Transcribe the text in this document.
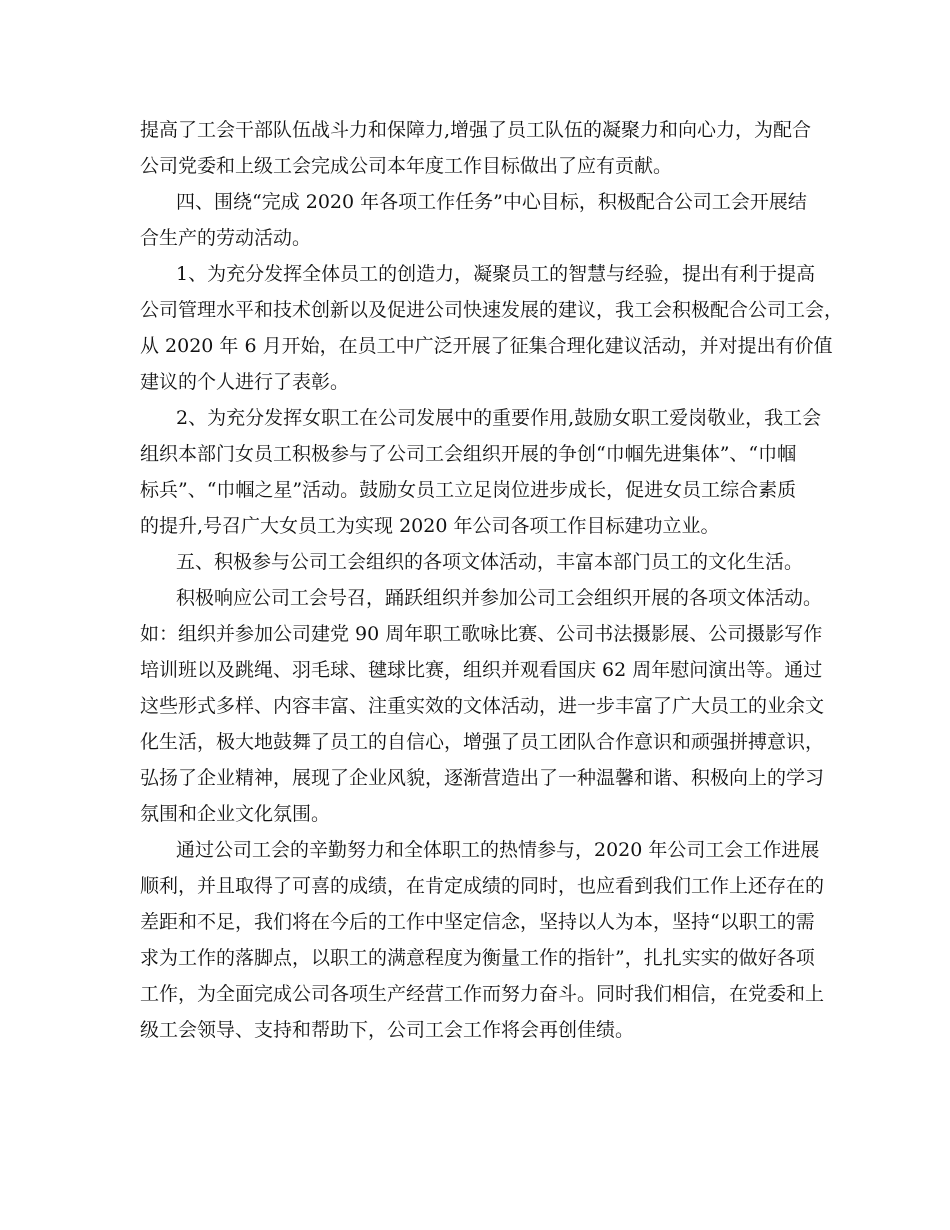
提高了工会干部队伍战斗力和保障力,增强了员工队伍的凝聚力和向心力，为配合
公司党委和上级工会完成公司本年度工作目标做出了应有贡献。
四、围绕“完成 2020 年各项工作任务”中心目标，积极配合公司工会开展结
合生产的劳动活动。
1、为充分发挥全体员工的创造力，凝聚员工的智慧与经验，提出有利于提高
公司管理水平和技术创新以及促进公司快速发展的建议，我工会积极配合公司工会，
从 2020 年 6 月开始，在员工中广泛开展了征集合理化建议活动，并对提出有价值
建议的个人进行了表彰。
2、为充分发挥女职工在公司发展中的重要作用,鼓励女职工爱岗敬业，我工会
组织本部门女员工积极参与了公司工会组织开展的争创“巾帼先进集体”、“巾帼
标兵”、“巾帼之星”活动。鼓励女员工立足岗位进步成长，促进女员工综合素质
的提升,号召广大女员工为实现 2020 年公司各项工作目标建功立业。
五、积极参与公司工会组织的各项文体活动，丰富本部门员工的文化生活。
积极响应公司工会号召，踊跃组织并参加公司工会组织开展的各项文体活动。
如：组织并参加公司建党 90 周年职工歌咏比赛、公司书法摄影展、公司摄影写作
培训班以及跳绳、羽毛球、毽球比赛，组织并观看国庆 62 周年慰问演出等。通过
这些形式多样、内容丰富、注重实效的文体活动，进一步丰富了广大员工的业余文
化生活，极大地鼓舞了员工的自信心，增强了员工团队合作意识和顽强拼搏意识，
弘扬了企业精神，展现了企业风貌，逐渐营造出了一种温馨和谐、积极向上的学习
氛围和企业文化氛围。
通过公司工会的辛勤努力和全体职工的热情参与，2020 年公司工会工作进展
顺利，并且取得了可喜的成绩，在肯定成绩的同时，也应看到我们工作上还存在的
差距和不足，我们将在今后的工作中坚定信念，坚持以人为本，坚持“以职工的需
求为工作的落脚点，以职工的满意程度为衡量工作的指针”，扎扎实实的做好各项
工作，为全面完成公司各项生产经营工作而努力奋斗。同时我们相信，在党委和上
级工会领导、支持和帮助下，公司工会工作将会再创佳绩。
